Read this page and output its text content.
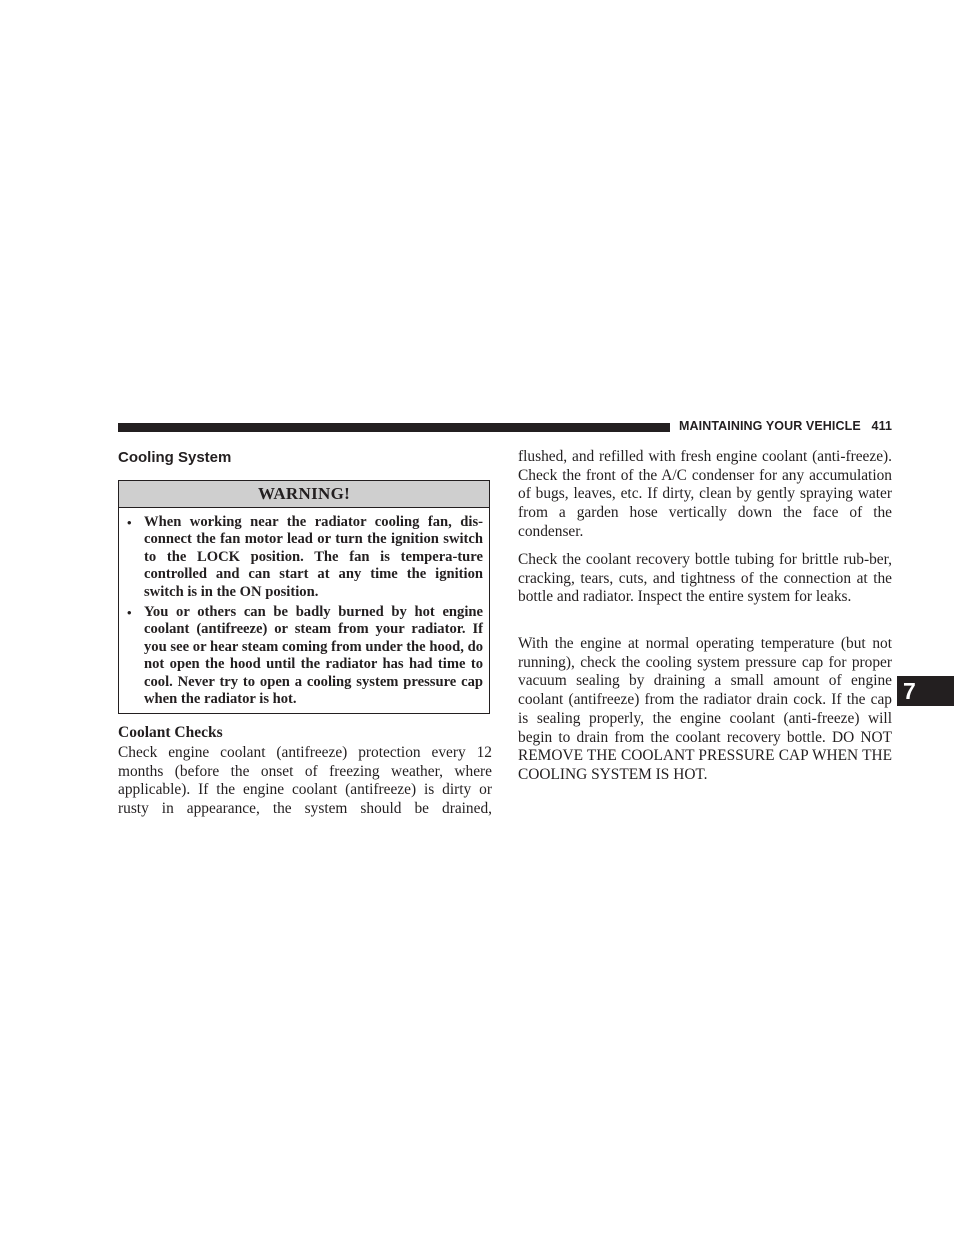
MAINTAINING YOUR VEHICLE 411
Cooling System
WARNING!
• When working near the radiator cooling fan, dis-connect the fan motor lead or turn the ignition switch to the LOCK position. The fan is tempera-ture controlled and can start at any time the ignition switch is in the ON position.
• You or others can be badly burned by hot engine coolant (antifreeze) or steam from your radiator. If you see or hear steam coming from under the hood, do not open the hood until the radiator has had time to cool. Never try to open a cooling system pressure cap when the radiator is hot.
Coolant Checks

Check engine coolant (antifreeze) protection every 12 months (before the onset of freezing weather, where applicable). If the engine coolant (antifreeze) is dirty or rusty in appearance, the system should be drained,

flushed, and refilled with fresh engine coolant (anti-freeze). Check the front of the A/C condenser for any accumulation of bugs, leaves, etc. If dirty, clean by gently spraying water from a garden hose vertically down the face of the condenser.

Check the coolant recovery bottle tubing for brittle rub-ber, cracking, tears, cuts, and tightness of the connection at the bottle and radiator. Inspect the entire system for leaks.

With the engine at normal operating temperature (but not running), check the cooling system pressure cap for proper vacuum sealing by draining a small amount of engine coolant (antifreeze) from the radiator drain cock. If the cap is sealing properly, the engine coolant (anti-freeze) will begin to drain from the coolant recovery bottle. DO NOT REMOVE THE COOLANT PRESSURE CAP WHEN THE COOLING SYSTEM IS HOT.

7
